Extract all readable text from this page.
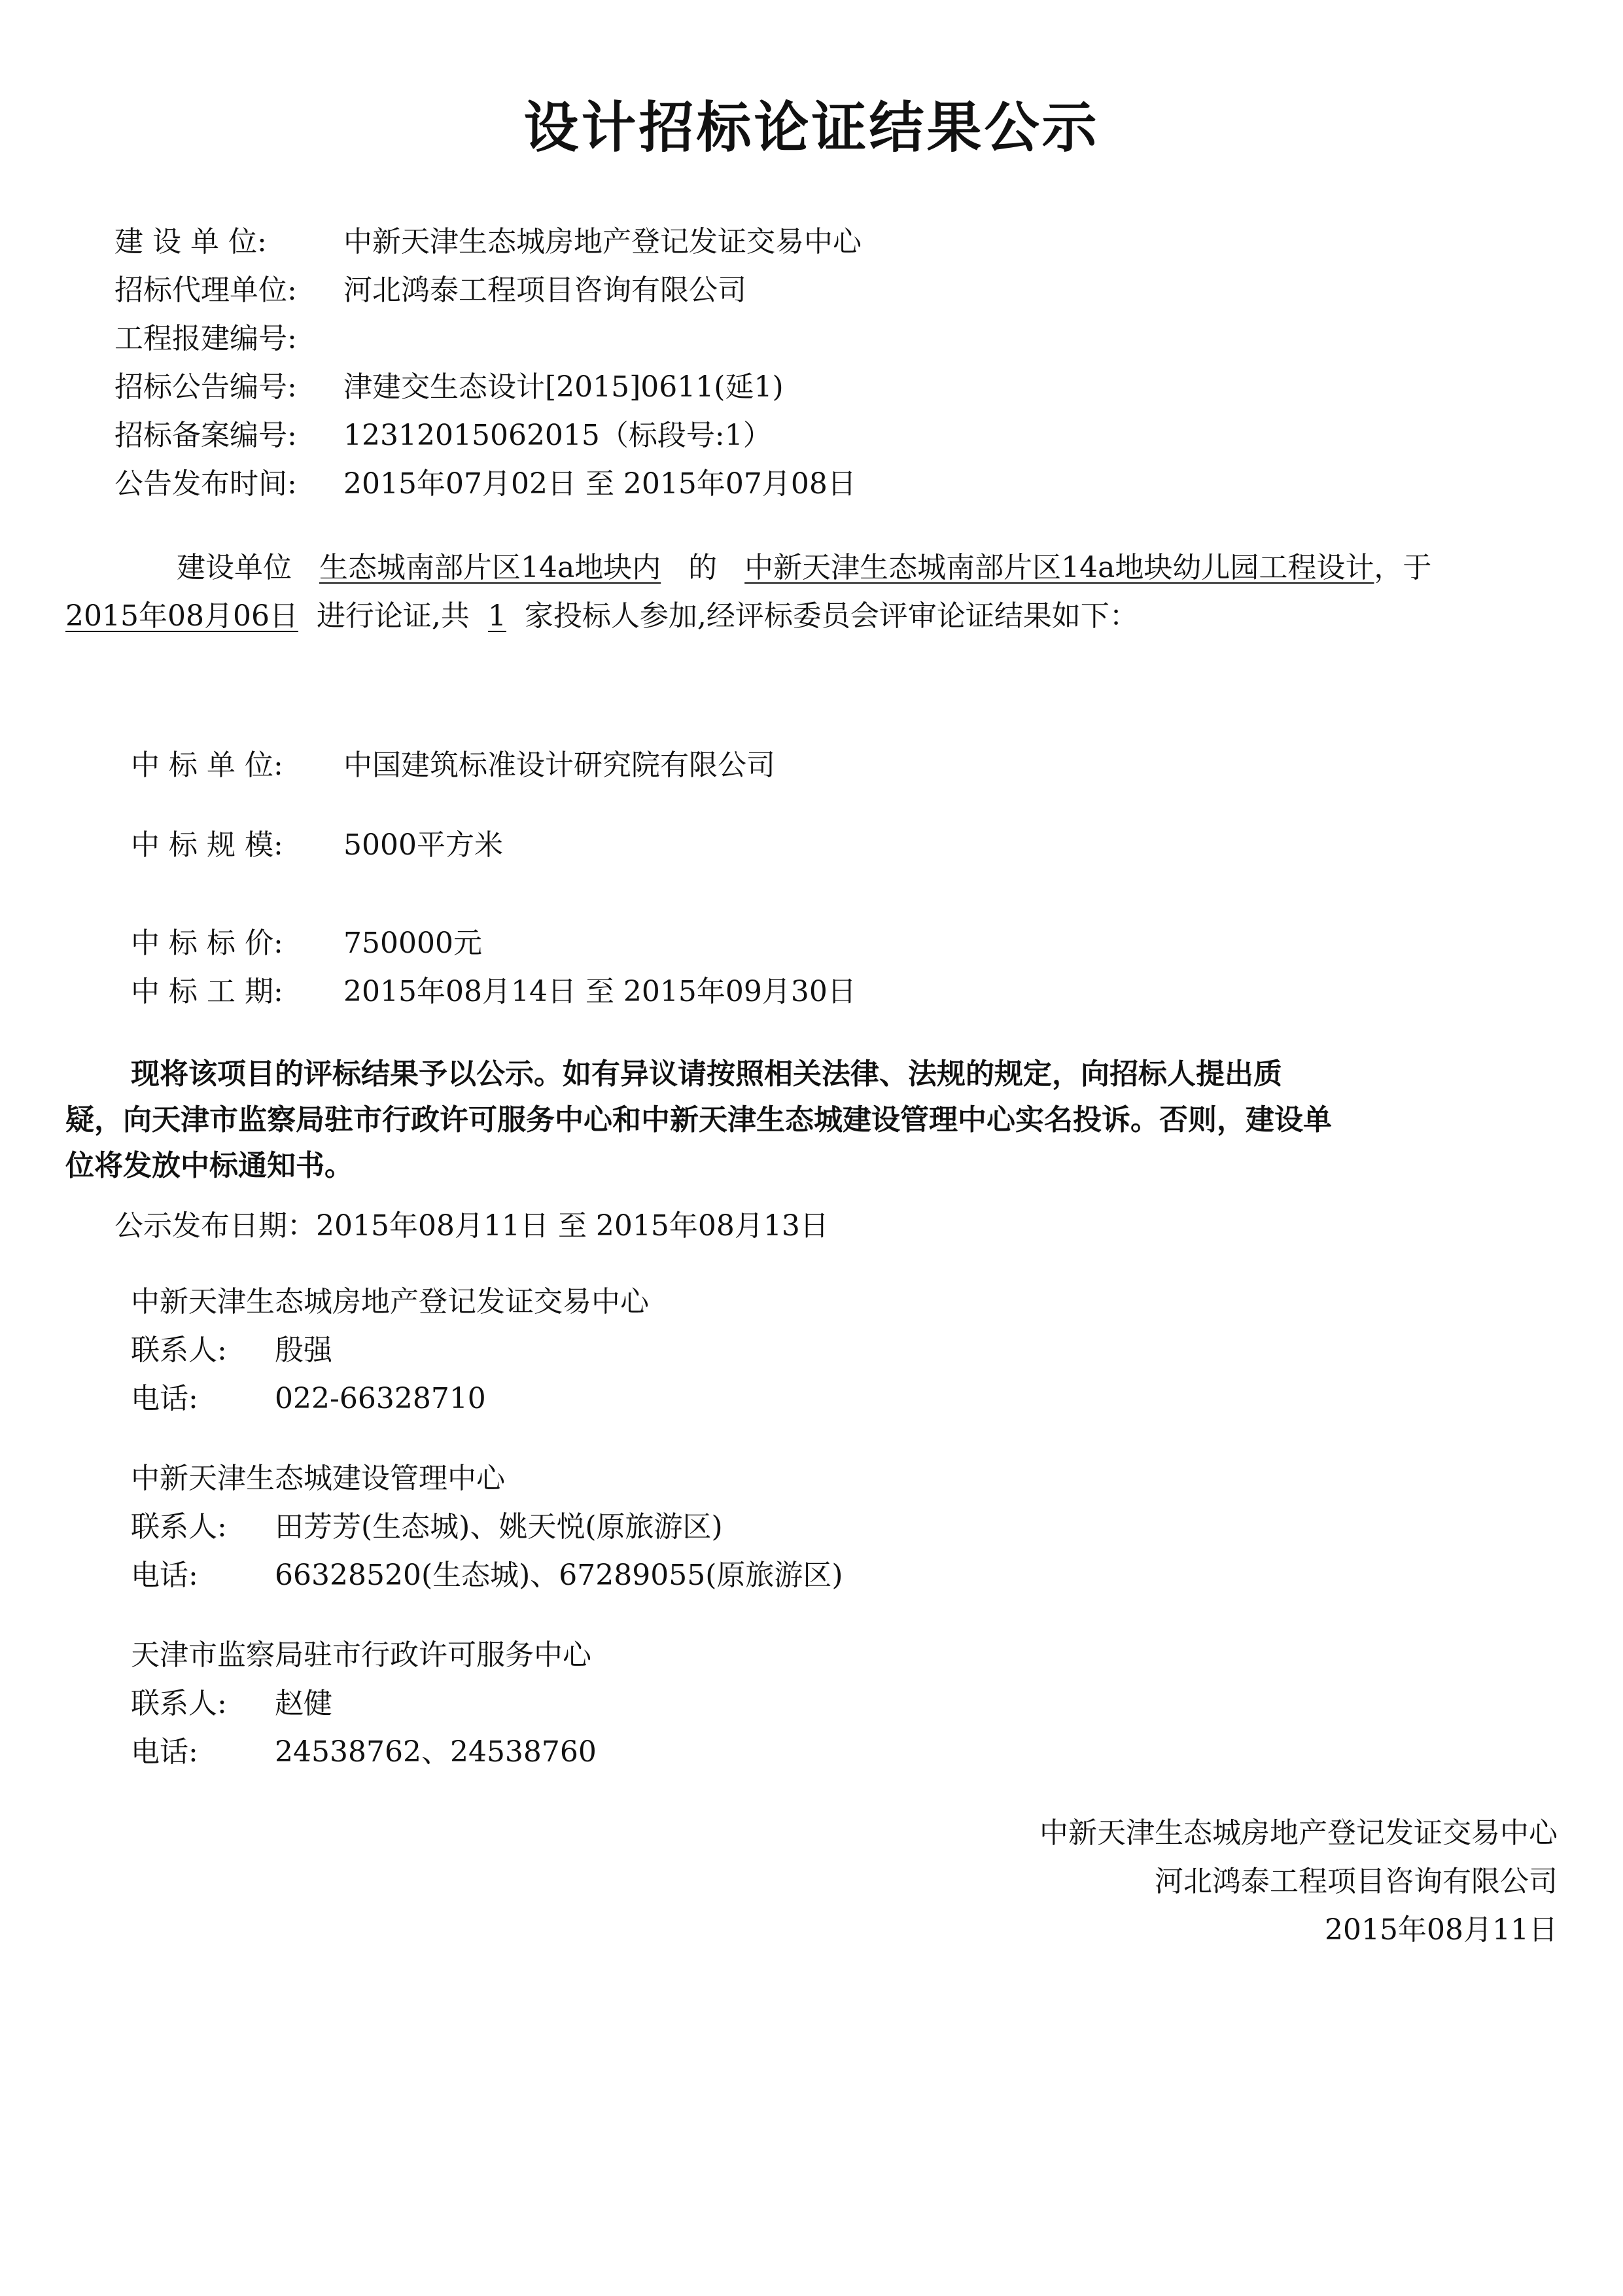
设计招标论证结果公示
建 设 单 位:	中新天津生态城房地产登记发证交易中心
招标代理单位: 河北鸿泰工程项目咨询有限公司
工程报建编号:
招标公告编号: 津建交生态设计[2015]0611(延1)
招标备案编号: 12312015062015（标段号:1）
公告发布时间: 2015年07月02日 至 2015年07月08日
建设单位 生态城南部片区14a地块内 的 中新天津生态城南部片区14a地块幼儿园工程设计，于
2015年08月06日 进行论证,共 1 家投标人参加,经评标委员会评审论证结果如下：
中 标 单 位: 中国建筑标准设计研究院有限公司
中 标 规 模: 5000平方米
中 标 标 价: 750000元
中 标 工 期: 2015年08月14日 至 2015年09月30日
现将该项目的评标结果予以公示。如有异议请按照相关法律、法规的规定，向招标人提出质
疑，向天津市监察局驻市行政许可服务中心和中新天津生态城建设管理中心实名投诉。否则，建设单
位将发放中标通知书。
公示发布日期：2015年08月11日 至 2015年08月13日
中新天津生态城房地产登记发证交易中心
联系人: 殷强
电话:	022-66328710
中新天津生态城建设管理中心
联系人: 田芳芳(生态城)、姚天悦(原旅游区)
电话:	66328520(生态城)、67289055(原旅游区)
天津市监察局驻市行政许可服务中心
联系人: 赵健
电话:	24538762、24538760
中新天津生态城房地产登记发证交易中心
河北鸿泰工程项目咨询有限公司
2015年08月11日
